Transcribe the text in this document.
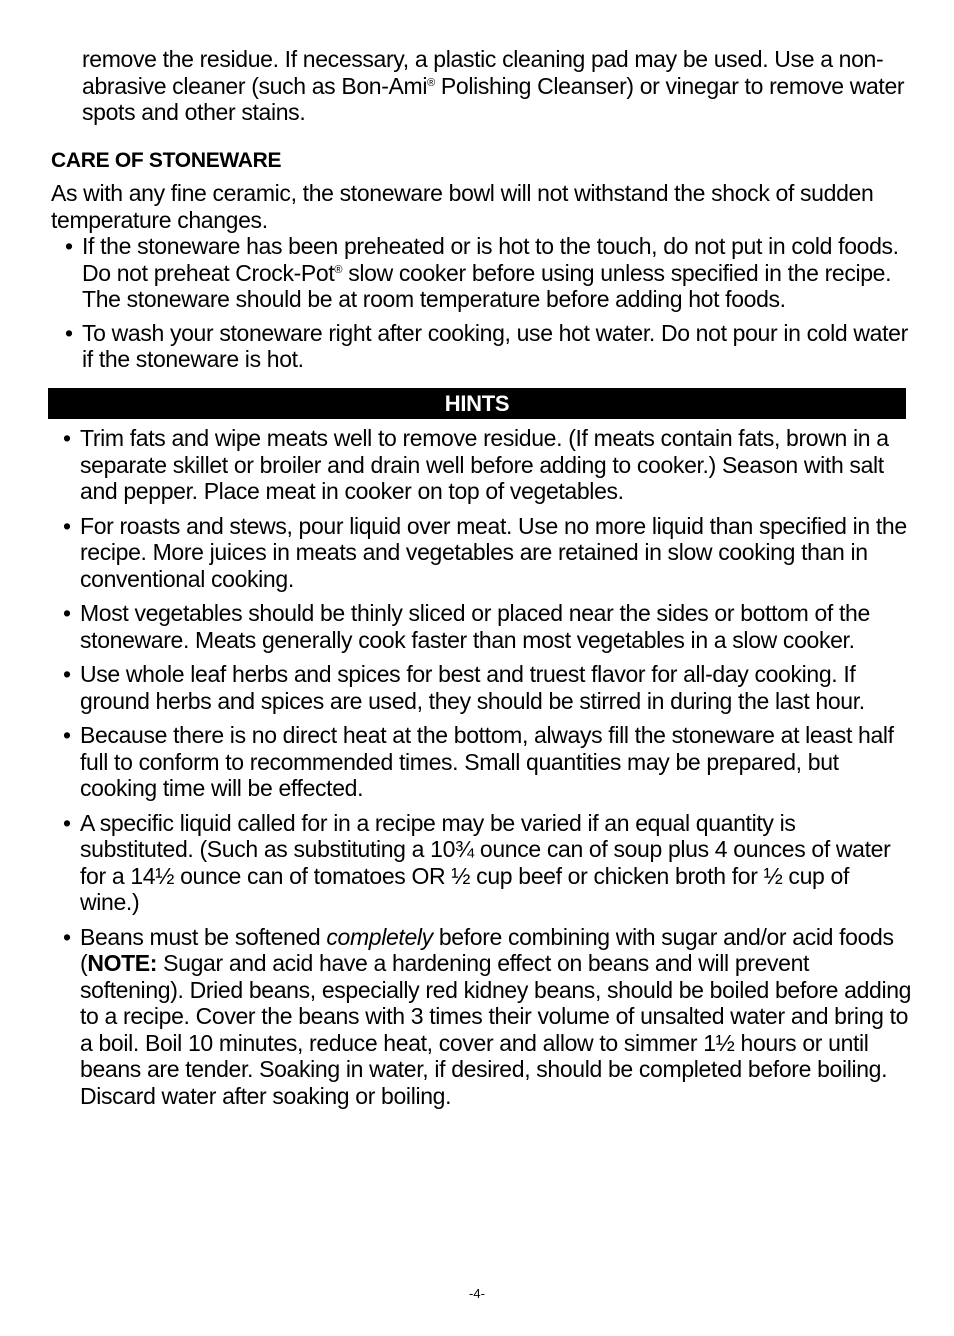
remove the residue. If necessary, a plastic cleaning pad may be used. Use a non-abrasive cleaner (such as Bon-Ami® Polishing Cleanser) or vinegar to remove water spots and other stains.

CARE OF STONEWARE

As with any fine ceramic, the stoneware bowl will not withstand the shock of sudden temperature changes.

• If the stoneware has been preheated or is hot to the touch, do not put in cold foods. Do not preheat Crock-Pot® slow cooker before using unless specified in the recipe. The stoneware should be at room temperature before adding hot foods.
• To wash your stoneware right after cooking, use hot water. Do not pour in cold water if the stoneware is hot.
HINTS
• Trim fats and wipe meats well to remove residue. (If meats contain fats, brown in a separate skillet or broiler and drain well before adding to cooker.) Season with salt and pepper. Place meat in cooker on top of vegetables.
• For roasts and stews, pour liquid over meat. Use no more liquid than specified in the recipe. More juices in meats and vegetables are retained in slow cooking than in conventional cooking.
• Most vegetables should be thinly sliced or placed near the sides or bottom of the stoneware. Meats generally cook faster than most vegetables in a slow cooker.
• Use whole leaf herbs and spices for best and truest flavor for all-day cooking. If ground herbs and spices are used, they should be stirred in during the last hour.
• Because there is no direct heat at the bottom, always fill the stoneware at least half full to conform to recommended times. Small quantities may be prepared, but cooking time will be effected.
• A specific liquid called for in a recipe may be varied if an equal quantity is substituted. (Such as substituting a 10¾ ounce can of soup plus 4 ounces of water for a 14½ ounce can of tomatoes OR ½ cup beef or chicken broth for ½ cup of wine.)
• Beans must be softened completely before combining with sugar and/or acid foods (NOTE: Sugar and acid have a hardening effect on beans and will prevent softening). Dried beans, especially red kidney beans, should be boiled before adding to a recipe. Cover the beans with 3 times their volume of unsalted water and bring to a boil. Boil 10 minutes, reduce heat, cover and allow to simmer 1½ hours or until beans are tender. Soaking in water, if desired, should be completed before boiling. Discard water after soaking or boiling.
-4-
